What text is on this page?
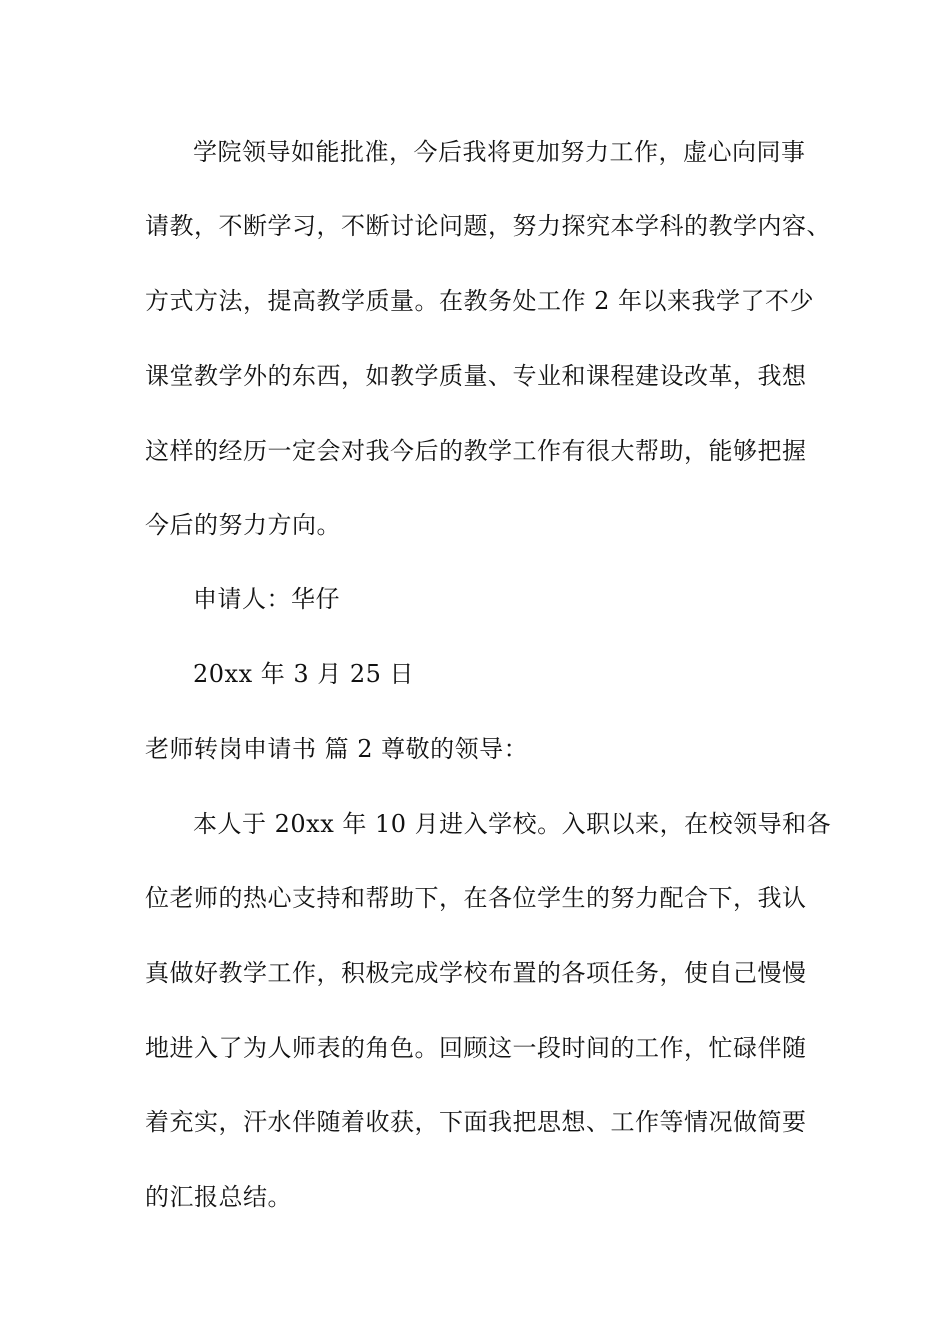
学院领导如能批准，今后我将更加努力工作，虚心向同事
请教，不断学习，不断讨论问题，努力探究本学科的教学内容、
方式方法，提高教学质量。在教务处工作 2 年以来我学了不少
课堂教学外的东西，如教学质量、专业和课程建设改革，我想
这样的经历一定会对我今后的教学工作有很大帮助，能够把握
今后的努力方向。
申请人：华仔
20xx 年 3 月 25 日
老师转岗申请书 篇 2 尊敬的领导：
本人于 20xx 年 10 月进入学校。入职以来，在校领导和各
位老师的热心支持和帮助下，在各位学生的努力配合下，我认
真做好教学工作，积极完成学校布置的各项任务，使自己慢慢
地进入了为人师表的角色。回顾这一段时间的工作，忙碌伴随
着充实，汗水伴随着收获，下面我把思想、工作等情况做简要
的汇报总结。
